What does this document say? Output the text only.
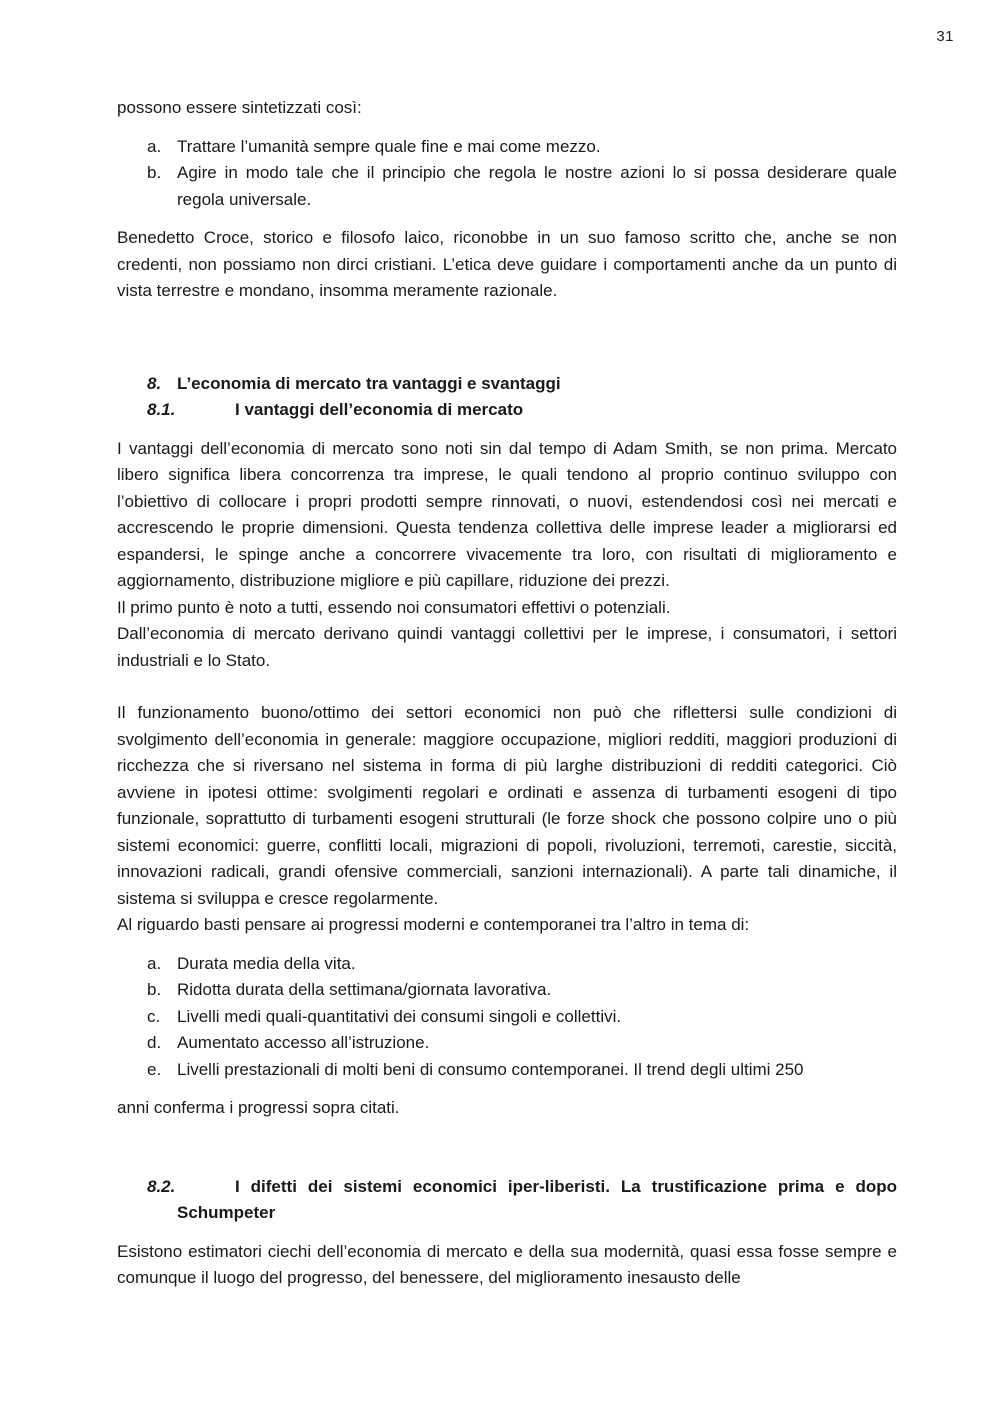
31

possono essere sintetizzati così:

a. Trattare l’umanità sempre quale fine e mai come mezzo.
b. Agire in modo tale che il principio che regola le nostre azioni lo si possa desiderare quale regola universale.

Benedetto Croce, storico e filosofo laico, riconobbe in un suo famoso scritto che, anche se non credenti, non possiamo non dirci cristiani. L’etica deve guidare i comportamenti anche da un punto di vista terrestre e mondano, insomma meramente razionale.

8. L’economia di mercato tra vantaggi e svantaggi
8.1.	I vantaggi dell’economia di mercato

I vantaggi dell’economia di mercato sono noti sin dal tempo di Adam Smith, se non prima. Mercato libero significa libera concorrenza tra imprese, le quali tendono al proprio continuo sviluppo con l’obiettivo di collocare i propri prodotti sempre rinnovati, o nuovi, estendendosi così nei mercati e accrescendo le proprie dimensioni. Questa tendenza collettiva delle imprese leader a migliorarsi ed espandersi, le spinge anche a concorrere vivacemente tra loro, con risultati di miglioramento e aggiornamento, distribuzione migliore e più capillare, riduzione dei prezzi.

Il primo punto è noto a tutti, essendo noi consumatori effettivi o potenziali.

Dall’economia di mercato derivano quindi vantaggi collettivi per le imprese, i consumatori, i settori industriali e lo Stato.

Il funzionamento buono/ottimo dei settori economici non può che riflettersi sulle condizioni di svolgimento dell’economia in generale: maggiore occupazione, migliori redditi, maggiori produzioni di ricchezza che si riversano nel sistema in forma di più larghe distribuzioni di redditi categorici. Ciò avviene in ipotesi ottime: svolgimenti regolari e ordinati e assenza di turbamenti esogeni di tipo funzionale, soprattutto di turbamenti esogeni strutturali (le forze shock che possono colpire uno o più sistemi economici: guerre, conflitti locali, migrazioni di popoli, rivoluzioni, terremoti, carestie, siccità, innovazioni radicali, grandi ofensive commerciali, sanzioni internazionali). A parte tali dinamiche, il sistema si sviluppa e cresce regolarmente.

Al riguardo basti pensare ai progressi moderni e contemporanei tra l’altro in tema di:

a. Durata media della vita.
b. Ridotta durata della settimana/giornata lavorativa.
c. Livelli medi quali-quantitativi dei consumi singoli e collettivi.
d. Aumentato accesso all’istruzione.
e. Livelli prestazionali di molti beni di consumo contemporanei. Il trend degli ultimi 250

anni conferma i progressi sopra citati.

8.2.	I difetti dei sistemi economici iper-liberisti. La trustificazione prima e dopo Schumpeter

Esistono estimatori ciechi dell’economia di mercato e della sua modernità, quasi essa fosse sempre e comunque il luogo del progresso, del benessere, del miglioramento inesausto delle
